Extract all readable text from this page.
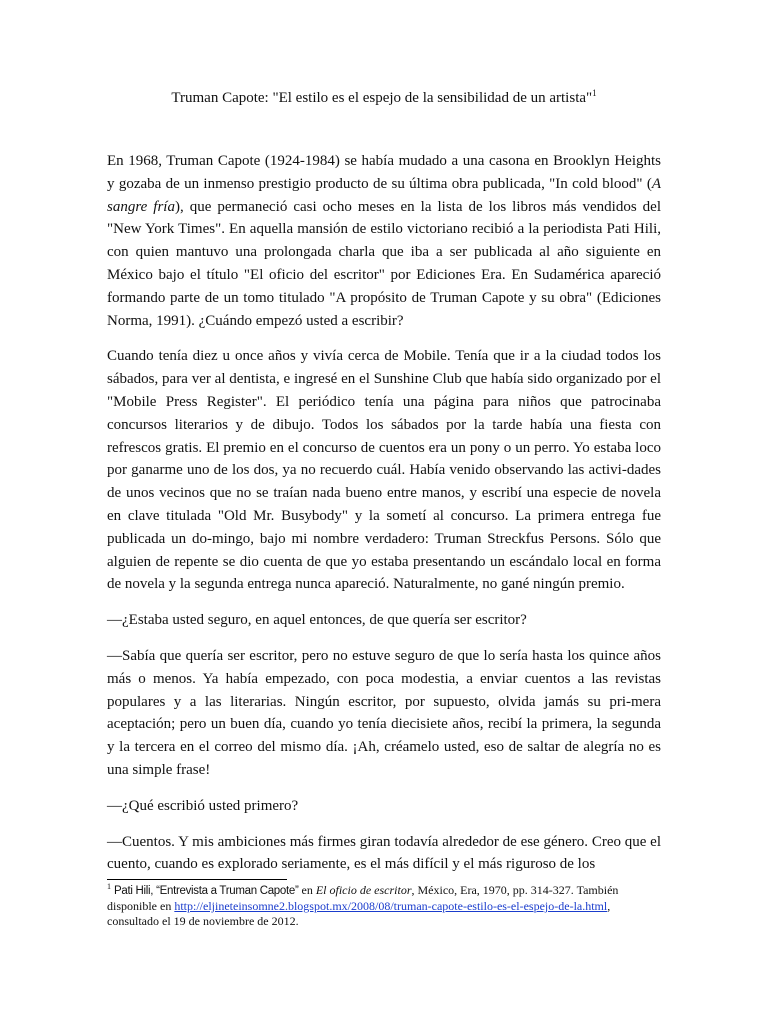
Truman Capote: "El estilo es el espejo de la sensibilidad de un artista"$^1$

En 1968, Truman Capote (1924-1984) se había mudado a una casona en Brooklyn Heights y gozaba de un inmenso prestigio producto de su última obra publicada, "In cold blood" (A sangre fría), que permaneció casi ocho meses en la lista de los libros más vendidos del "New York Times". En aquella mansión de estilo victoriano recibió a la periodista Pati Hili, con quien mantuvo una prolongada charla que iba a ser publicada al año siguiente en México bajo el título "El oficio del escritor" por Ediciones Era. En Sudamérica apareció formando parte de un tomo titulado "A propósito de Truman Capote y su obra" (Ediciones Norma, 1991). ¿Cuándo empezó usted a escribir?

Cuando tenía diez u once años y vivía cerca de Mobile. Tenía que ir a la ciudad todos los sábados, para ver al dentista, e ingresé en el Sunshine Club que había sido organizado por el "Mobile Press Register". El periódico tenía una página para niños que patrocinaba concursos literarios y de dibujo. Todos los sábados por la tarde había una fiesta con refrescos gratis. El premio en el concurso de cuentos era un pony o un perro. Yo estaba loco por ganarme uno de los dos, ya no recuerdo cuál. Había venido observando las activi-dades de unos vecinos que no se traían nada bueno entre manos, y escribí una especie de novela en clave titulada "Old Mr. Busybody" y la sometí al concurso. La primera entrega fue publicada un do-mingo, bajo mi nombre verdadero: Truman Streckfus Persons. Sólo que alguien de repente se dio cuenta de que yo estaba presentando un escándalo local en forma de novela y la segunda entrega nunca apareció. Naturalmente, no gané ningún premio.

—¿Estaba usted seguro, en aquel entonces, de que quería ser escritor?

—Sabía que quería ser escritor, pero no estuve seguro de que lo sería hasta los quince años más o menos. Ya había empezado, con poca modestia, a enviar cuentos a las revistas populares y a las literarias. Ningún escritor, por supuesto, olvida jamás su pri-mera aceptación; pero un buen día, cuando yo tenía diecisiete años, recibí la primera, la segunda y la tercera en el correo del mismo día. ¡Ah, créamelo usted, eso de saltar de alegría no es una simple frase!

—¿Qué escribió usted primero?

—Cuentos. Y mis ambiciones más firmes giran todavía alrededor de ese género. Creo que el cuento, cuando es explorado seriamente, es el más difícil y el más riguroso de los

$^1$ Pati Hili, “Entrevista a Truman Capote” en El oficio de escritor, México, Era, 1970, pp. 314-327. También disponible en http://eljineteinsomne2.blogspot.mx/2008/08/truman-capote-estilo-es-el-espejo-de-la.html,
consultado el 19 de noviembre de 2012.
